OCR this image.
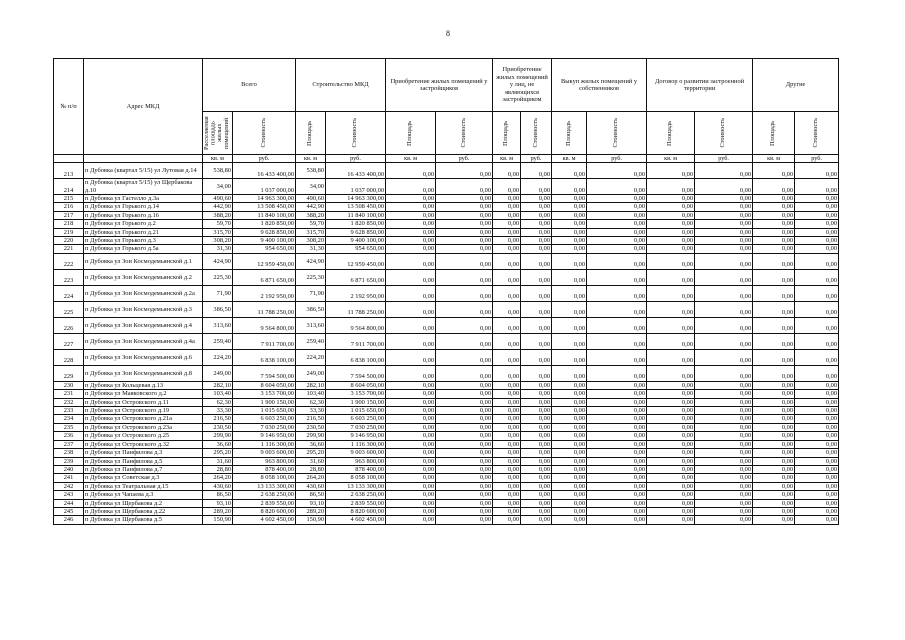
8
№ п/п	Адрес МКД	Всего		Строительство МКД		Приобретение жилых помещений у застройщиков		Приобретение жилых помещений у лиц, не являющихся застройщиком		Выкуп жилых помещений у собственников		Договор о развитии застроенной территории		Другие	

		Расселяемая площадь жилых помещений	Стоимость	Площадь	Стоимость	Площадь	Стоимость	Площадь	Стоимость	Площадь	Стоимость	Площадь	Стоимость	Площадь	Стоимость

		кв. м	руб.	кв. м	руб.	кв. м	руб.	кв. м	руб.	кв. м	руб.	кв. м	руб.	кв. м	руб.
213	п Дубовка (квартал 5/15) ул Лутовая д.14	538,80	16 433 400,00	538,80	16 433 400,00	0,00	0,00	0,00	0,00	0,00	0,00	0,00	0,00	0,00	0,00
214	п Дубовка (квартал 5/15) ул Щербакова д.10	34,00	1 037 000,00	34,00	1 037 000,00	0,00	0,00	0,00	0,00	0,00	0,00	0,00	0,00	0,00	0,00
215	п Дубовка ул Гастелло д.3а	490,60	14 963 300,00	490,60	14 963 300,00	0,00	0,00	0,00	0,00	0,00	0,00	0,00	0,00	0,00	0,00
216	п Дубовка ул Горького д.14	442,90	13 508 450,00	442,90	13 508 450,00	0,00	0,00	0,00	0,00	0,00	0,00	0,00	0,00	0,00	0,00
217	п Дубовка ул Горького д.16	388,20	11 840 100,00	388,20	11 840 100,00	0,00	0,00	0,00	0,00	0,00	0,00	0,00	0,00	0,00	0,00
218	п Дубовка ул Горького д.2	59,70	1 820 850,00	59,70	1 820 850,00	0,00	0,00	0,00	0,00	0,00	0,00	0,00	0,00	0,00	0,00
219	п Дубовка ул Горького д.21	315,70	9 628 850,00	315,70	9 628 850,00	0,00	0,00	0,00	0,00	0,00	0,00	0,00	0,00	0,00	0,00
220	п Дубовка ул Горького д.3	308,20	9 400 100,00	308,20	9 400 100,00	0,00	0,00	0,00	0,00	0,00	0,00	0,00	0,00	0,00	0,00
221	п Дубовка ул Горького д.5а	31,30	954 650,00	31,30	954 650,00	0,00	0,00	0,00	0,00	0,00	0,00	0,00	0,00	0,00	0,00
222	п Дубовка ул Зои Космодемьянской д.1	424,90	12 959 450,00	424,90	12 959 450,00	0,00	0,00	0,00	0,00	0,00	0,00	0,00	0,00	0,00	0,00
223	п Дубовка ул Зои Космодемьянской д.2	225,30	6 871 650,00	225,30	6 871 650,00	0,00	0,00	0,00	0,00	0,00	0,00	0,00	0,00	0,00	0,00
224	п Дубовка ул Зои Космодемьянской д.2а	71,90	2 192 950,00	71,90	2 192 950,00	0,00	0,00	0,00	0,00	0,00	0,00	0,00	0,00	0,00	0,00
225	п Дубовка ул Зои Космодемьянской д.3	386,50	11 788 250,00	386,50	11 788 250,00	0,00	0,00	0,00	0,00	0,00	0,00	0,00	0,00	0,00	0,00
226	п Дубовка ул Зои Космодемьянской д.4	313,60	9 564 800,00	313,60	9 564 800,00	0,00	0,00	0,00	0,00	0,00	0,00	0,00	0,00	0,00	0,00
227	п Дубовка ул Зои Космодемьянской д.4а	259,40	7 911 700,00	259,40	7 911 700,00	0,00	0,00	0,00	0,00	0,00	0,00	0,00	0,00	0,00	0,00
228	п Дубовка ул Зои Космодемьянской д.6	224,20	6 838 100,00	224,20	6 838 100,00	0,00	0,00	0,00	0,00	0,00	0,00	0,00	0,00	0,00	0,00
229	п Дубовка ул Зои Космодемьянской д.8	249,00	7 594 500,00	249,00	7 594 500,00	0,00	0,00	0,00	0,00	0,00	0,00	0,00	0,00	0,00	0,00
230	п Дубовка ул Кольцевая д.13	282,10	8 604 050,00	282,10	8 604 050,00	0,00	0,00	0,00	0,00	0,00	0,00	0,00	0,00	0,00	0,00
231	п Дубовка ул Маяковского д.2	103,40	3 153 700,00	103,40	3 153 700,00	0,00	0,00	0,00	0,00	0,00	0,00	0,00	0,00	0,00	0,00
232	п Дубовка ул Островского д.11	62,30	1 900 150,00	62,30	1 900 150,00	0,00	0,00	0,00	0,00	0,00	0,00	0,00	0,00	0,00	0,00
233	п Дубовка ул Островского д.19	33,30	1 015 650,00	33,30	1 015 650,00	0,00	0,00	0,00	0,00	0,00	0,00	0,00	0,00	0,00	0,00
234	п Дубовка ул Островского д.21а	216,50	6 603 250,00	216,50	6 603 250,00	0,00	0,00	0,00	0,00	0,00	0,00	0,00	0,00	0,00	0,00
235	п Дубовка ул Островского д.23а	230,50	7 030 250,00	230,50	7 030 250,00	0,00	0,00	0,00	0,00	0,00	0,00	0,00	0,00	0,00	0,00
236	п Дубовка ул Островского д.25	299,90	9 146 950,00	299,90	9 146 950,00	0,00	0,00	0,00	0,00	0,00	0,00	0,00	0,00	0,00	0,00
237	п Дубовка ул Островского д.32	36,60	1 116 300,00	36,60	1 116 300,00	0,00	0,00	0,00	0,00	0,00	0,00	0,00	0,00	0,00	0,00
238	п Дубовка ул Панфилова д.3	295,20	9 003 600,00	295,20	9 003 600,00	0,00	0,00	0,00	0,00	0,00	0,00	0,00	0,00	0,00	0,00
239	п Дубовка ул Панфилова д.5	31,60	963 800,00	31,60	963 800,00	0,00	0,00	0,00	0,00	0,00	0,00	0,00	0,00	0,00	0,00
240	п Дубовка ул Панфилова д.7	28,80	878 400,00	28,80	878 400,00	0,00	0,00	0,00	0,00	0,00	0,00	0,00	0,00	0,00	0,00
241	п Дубовка ул Советская д.3	264,20	8 058 100,00	264,20	8 058 100,00	0,00	0,00	0,00	0,00	0,00	0,00	0,00	0,00	0,00	0,00
242	п Дубовка ул Театральная д.15	430,60	13 133 300,00	430,60	13 133 300,00	0,00	0,00	0,00	0,00	0,00	0,00	0,00	0,00	0,00	0,00
243	п Дубовка ул Чапаева д.3	86,50	2 638 250,00	86,50	2 638 250,00	0,00	0,00	0,00	0,00	0,00	0,00	0,00	0,00	0,00	0,00
244	п Дубовка ул Щербакова д.2	93,10	2 839 550,00	93,10	2 839 550,00	0,00	0,00	0,00	0,00	0,00	0,00	0,00	0,00	0,00	0,00
245	п Дубовка ул Щербакова д.22	289,20	8 820 600,00	289,20	8 820 600,00	0,00	0,00	0,00	0,00	0,00	0,00	0,00	0,00	0,00	0,00
246	п Дубовка ул Щербакова д.5	150,90	4 602 450,00	150,90	4 602 450,00	0,00	0,00	0,00	0,00	0,00	0,00	0,00	0,00	0,00	0,00
